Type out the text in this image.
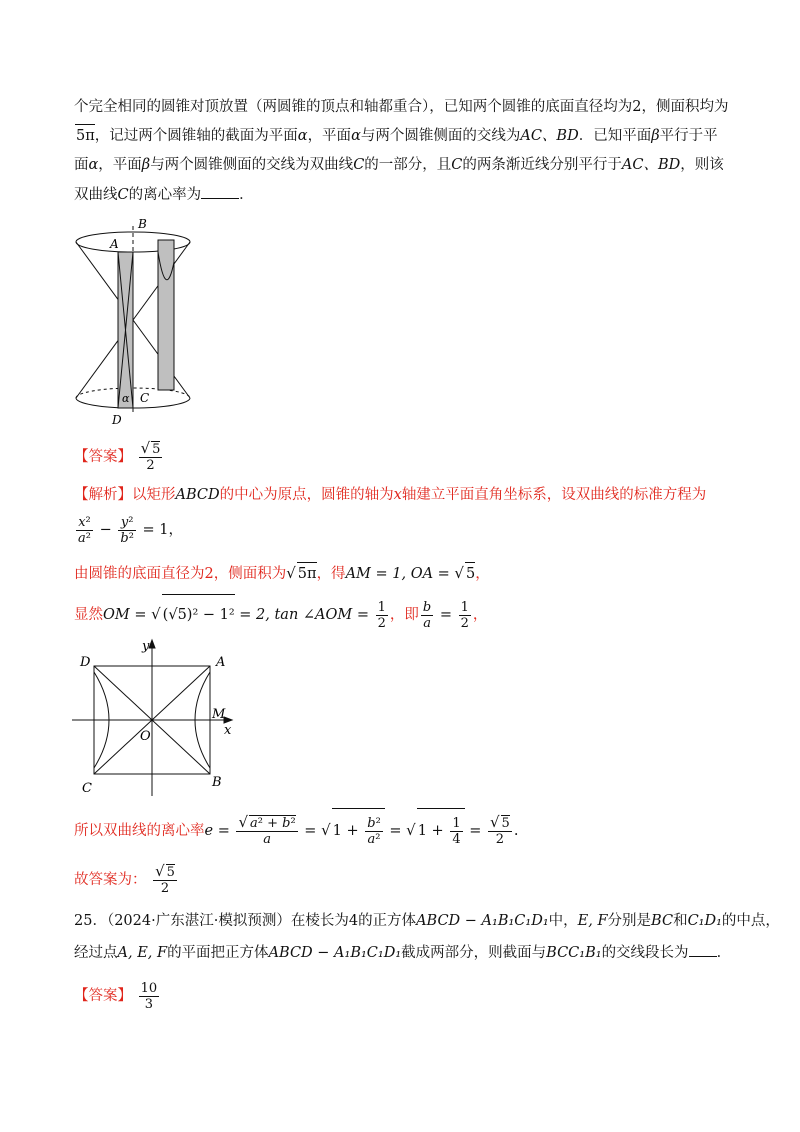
个完全相同的圆锥对顶放置（两圆锥的顶点和轴都重合），已知两个圆锥的底面直径均为2，侧面积均为
5π，记过两个圆锥轴的截面为平面α，平面α与两个圆锥侧面的交线为AC、BD．已知平面β平行于平
面α，平面β与两个圆锥侧面的交线为双曲线C的一部分，且C的两条渐近线分别平行于AC、BD，则该
双曲线C的离心率为	．
A
B
C
D
α
【答案】 $\frac{√ 5}{2}$
【解析】以矩形ABCD的中心为原点，圆锥的轴为x轴建立平面直角坐标系，设双曲线的标准方程为
$\frac{\text{x²}}{\text{a²}} - \frac{\text{y²}}{\text{b²}} = 1$，
由圆锥的底面直径为2，侧面积为√ 5π，得AM = 1, OA = √ 5，
显然OM = √ (√5)² − 1² = 2, tan ∠AOM = $\frac{1}{2}$ ，即 $\frac{b}{a} = \frac{1}{2}$ ，
D	A
M
x
O
y
C	B
所以双曲线的离心率$e = \frac{\text{√ a² + b²}}{a}$ = √ $1 + \frac{\text{b²}}{\text{a²}}$ = √ $1 + \frac{1}{4} = \frac{√ 5}{2}$ .
故答案为： $\frac{√ 5}{2}$
25．（2024·广东湛江·模拟预测）在棱长为4的正方体ABCD − A₁B₁C₁D₁中，E, F分别是BC和C₁D₁的中点，
经过点A, E, F的平面把正方体ABCD − A₁B₁C₁D₁截成两部分，则截面与BCC₁B₁的交线段长为 ．
【答案】 $\frac{10}{3}$
